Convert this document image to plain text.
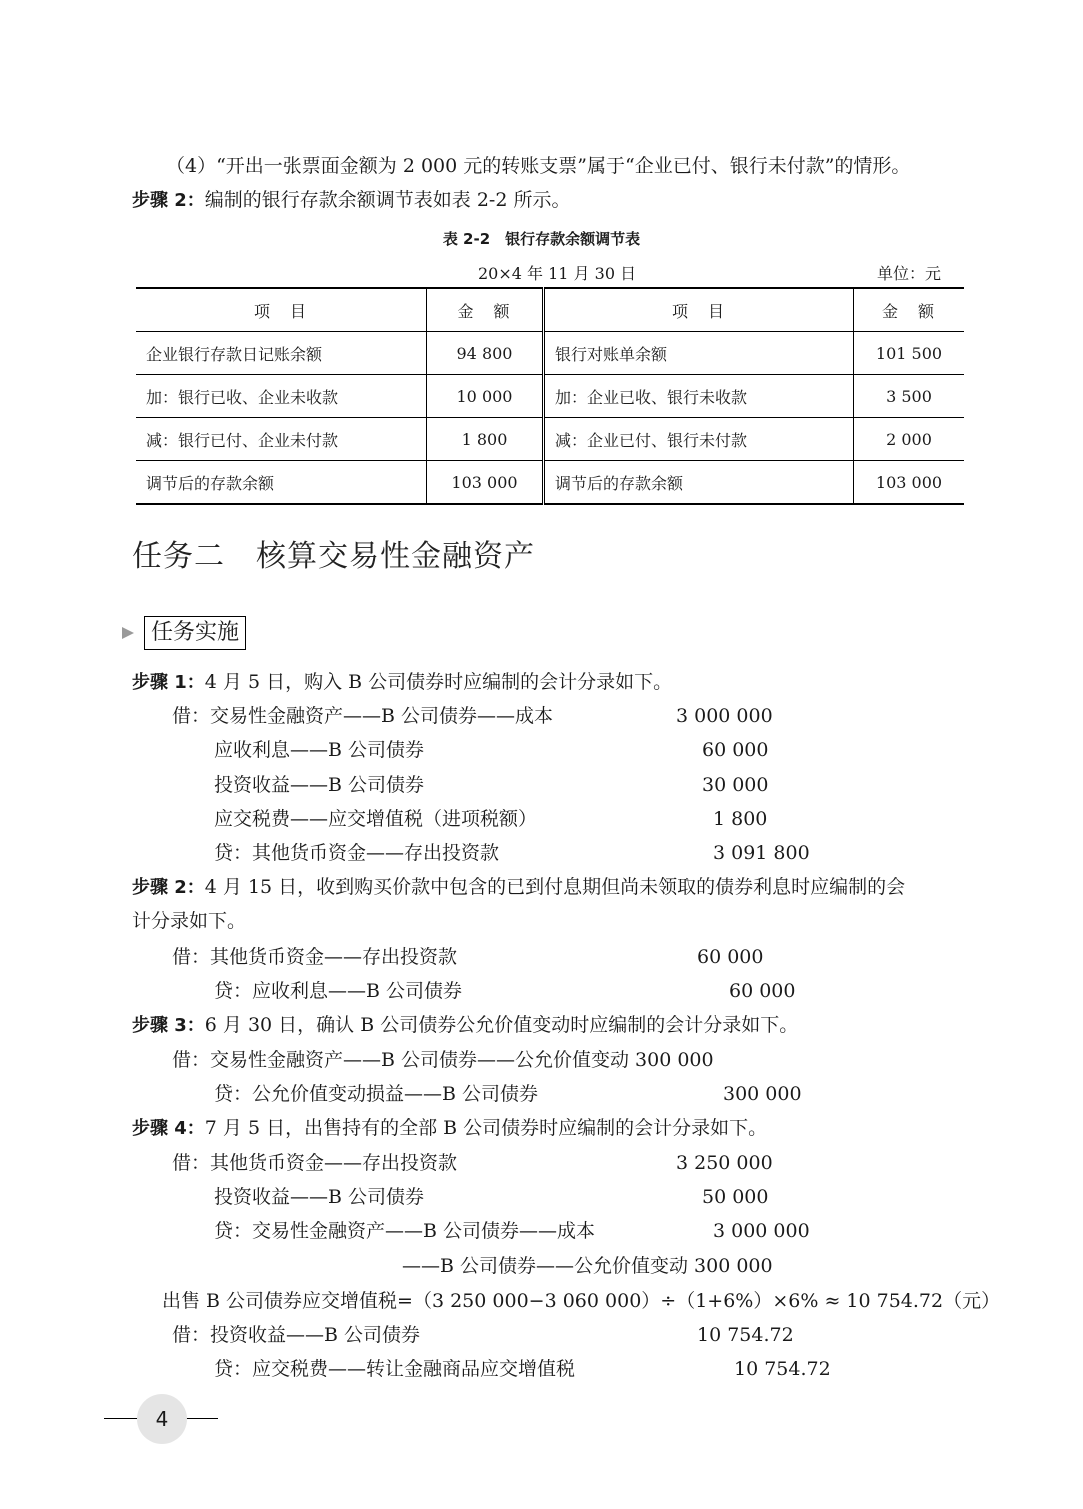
（4）“开出一张票面金额为 2 000 元的转账支票”属于“企业已付、银行未付款”的情形。
步骤 2：编制的银行存款余额调节表如表 2-2 所示。
表 2-2　银行存款余额调节表
20×4 年 11 月 30 日	单位：元
项　目	金　额	项　目	金　额
企业银行存款日记账余额	94 800	银行对账单余额	101 500
加：银行已收、企业未收款	10 000	加：企业已收、银行未收款	3 500
减：银行已付、企业未付款	1 800	减：企业已付、银行未付款	2 000
调节后的存款余额	103 000	调节后的存款余额	103 000
任务二　核算交易性金融资产
任务实施
步骤 1：4 月 5 日，购入 B 公司债券时应编制的会计分录如下。
借：交易性金融资产——B 公司债券——成本	3 000 000
应收利息——B 公司债券	60 000
投资收益——B 公司债券	30 000
应交税费——应交增值税（进项税额）	1 800
贷：其他货币资金——存出投资款	3 091 800
步骤 2：4 月 15 日，收到购买价款中包含的已到付息期但尚未领取的债券利息时应编制的会
计分录如下。
借：其他货币资金——存出投资款	60 000
贷：应收利息——B 公司债券	60 000
步骤 3：6 月 30 日，确认 B 公司债券公允价值变动时应编制的会计分录如下。
借：交易性金融资产——B 公司债券——公允价值变动 300 000
贷：公允价值变动损益——B 公司债券	300 000
步骤 4：7 月 5 日，出售持有的全部 B 公司债券时应编制的会计分录如下。
借：其他货币资金——存出投资款	3 250 000
投资收益——B 公司债券	50 000
贷：交易性金融资产——B 公司债券——成本	3 000 000
——B 公司债券——公允价值变动 300 000
出售 B 公司债券应交增值税=（3 250 000−3 060 000）÷（1+6%）×6% ≈ 10 754.72（元）
借：投资收益——B 公司债券	10 754.72
贷：应交税费——转让金融商品应交增值税	10 754.72
4
